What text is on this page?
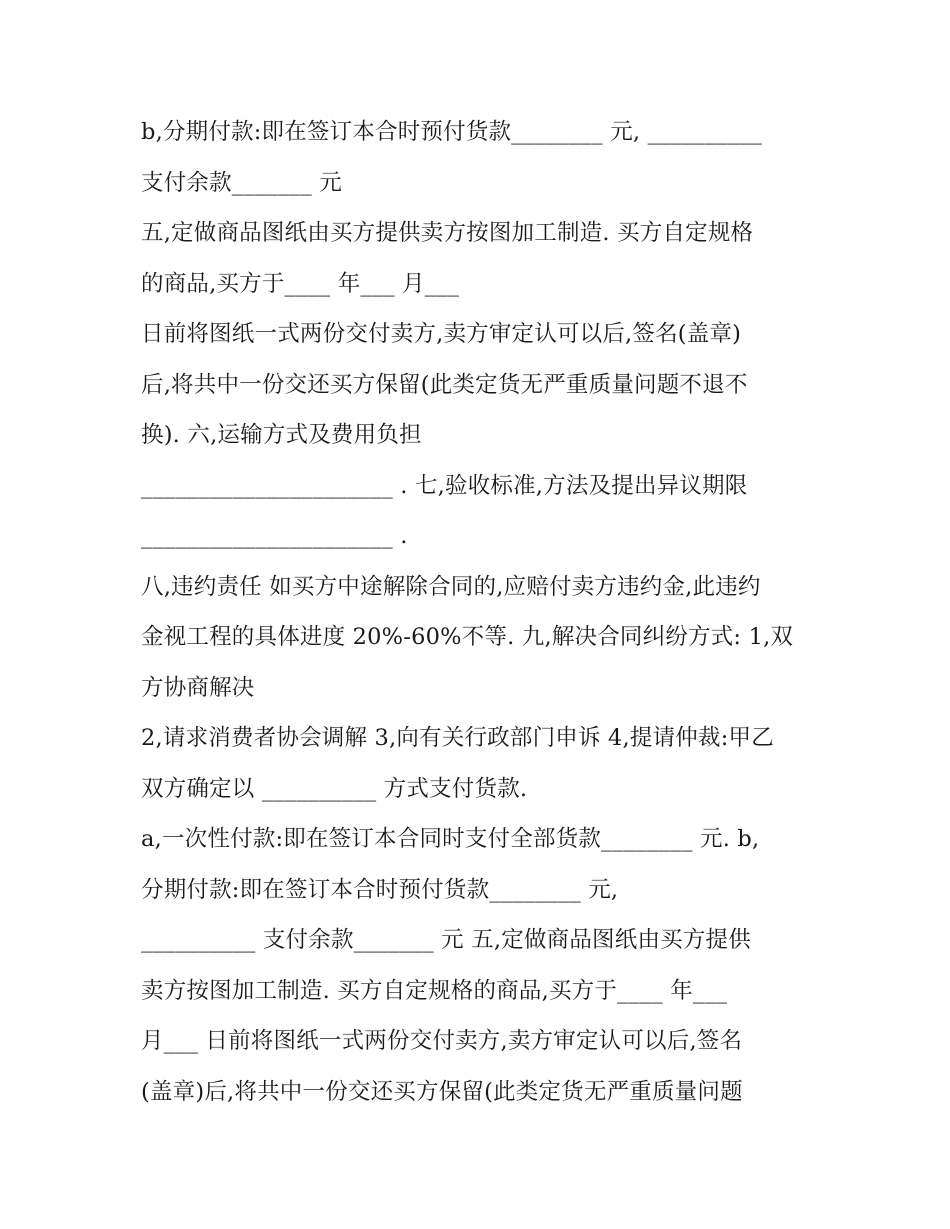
b,分期付款:即在签订本合时预付货款________ 元, __________
支付余款_______ 元
五,定做商品图纸由买方提供卖方按图加工制造. 买方自定规格
的商品,买方于____ 年___ 月___
日前将图纸一式两份交付卖方,卖方审定认可以后,签名(盖章)
后,将共中一份交还买方保留(此类定货无严重质量问题不退不
换). 六,运输方式及费用负担
______________________ . 七,验收标准,方法及提出异议期限
______________________ .
八,违约责任 如买方中途解除合同的,应赔付卖方违约金,此违约
金视工程的具体进度 20%-60%不等. 九,解决合同纠纷方式: 1,双
方协商解决
2,请求消费者协会调解 3,向有关行政部门申诉 4,提请仲裁:甲乙
双方确定以 __________ 方式支付货款.
a,一次性付款:即在签订本合同时支付全部货款________ 元. b,
分期付款:即在签订本合时预付货款________ 元,
__________ 支付余款_______ 元 五,定做商品图纸由买方提供
卖方按图加工制造. 买方自定规格的商品,买方于____ 年___
月___ 日前将图纸一式两份交付卖方,卖方审定认可以后,签名
(盖章)后,将共中一份交还买方保留(此类定货无严重质量问题
